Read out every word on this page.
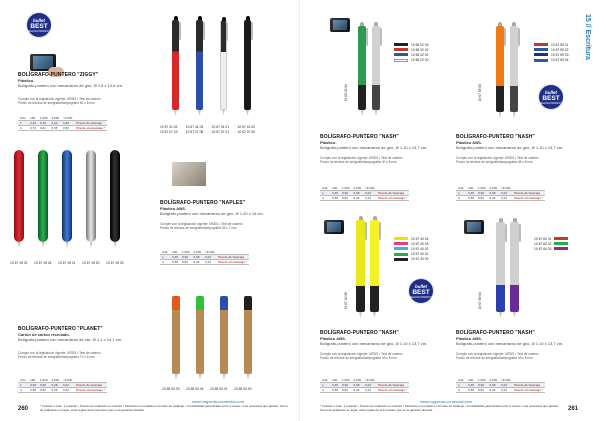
bullet
BEST
SELLING PRODUCT
BOLÍGRAFO-PUNTERO "ZIGGY"
Plástico.
Bolígrafo-puntero con mecanismo de giro, Ø 1,8 x 13,8 cm.
Cumple con la legislación vigente: MSDS • Test de cadmio
Precio de técnica de serigrafía/tampografía 50 x 8 mm
Uds.	150	1.000	2.500	>5.000	
1	0,49	0,43	0,40	0,36	Precio de marcaje
4	0,70	0,61	0,55	0,50	Precio sin marcaje *	10 67 41 02
	10 67 41 03
	10 67 41 01
	10 67 41 00
10 67 07 23
	10 67 07 08
	10 67 07 01
	10 67 07 00
10 67 15 02	10 67 15 04	10 67 15 01	10 67 15 00	10 67 15 03
BOLÍGRAFO-PUNTERO "NAPLES"
Plástico ABS.
Bolígrafo-puntero con mecanismo de giro, Ø 1,40 x 14 cm.
Cumple con la legislación vigente: MSDS • Test de cadmio
Precio de técnica de serigrafía/tampografía 35 x 7 mm
Uds.	150	1.000	2.500	>5.000	
1	0,35	0,30	0,28	0,24	Precio de marcaje
4	0,58	0,53	0,49	0,44	Precio sin marcaje *
BOLÍGRAFO-PUNTERO "PLANET"
Cartón de cartón reciclado.
Bolígrafo-puntero con mecanismo de clic, Ø 1,1 x 14,1 cm.
Cumple con la legislación vigente: MSDS • Test de cadmio
Precio de técnica de serigrafía/tampografía 70 x 6 mm
Uds.	150	1.000	2.500	>5.000	
1	0,35	0,30	0,28	0,24	Precio de marcaje
4	0,58	0,52	0,49	0,42	Precio sin marcaje *	10 65 00 03	10 65 00 04	10 65 00 01	10 65 00 00
www.hugveda-comercial.com
260	* Incluido 1 color, 1 posición • Pueda ser realizado en lote/ubir • Mostrado en portada en formato de catálogo • Confiabilidad garantizada entre 3 meses • Las productos que aplican: forma de grabación en lugar, otras reglas de la impresión que en la garantía ubicada
10 65 02 04
10 65 02 03
10 65 02 02
10 65 02 01
10 65 02 00
BOLÍGRAFO-PUNTERO "NASH"
Plástico.
Bolígrafo-puntero con mecanismo de giro, Ø 1,10 x 13,7 cm.
Cumple con la legislación vigente: MSDS • Test de cadmio
Precio de técnica de serigrafía/tampografía 40 x 8 mm
Uds.	150	1.000	2.500	>5.000	
1	0,35	0,30	0,28	0,24	Precio de marcaje
4	0,58	0,53	0,49	0,44	Precio sin marcaje *
bullet
BEST
SELLING PRODUCT
10 67 59 00
10 67 59 01
10 67 59 02
10 67 59 03
10 67 59 04
BOLÍGRAFO-PUNTERO "NASH"
Plástico ABS.
Bolígrafo-puntero con mecanismo de giro, Ø 1,10 x 13,7 cm.
Cumple con la legislación vigente: MSDS • Test de cadmio
Precio de técnica de serigrafía/tampografía 45 x 8 mm
Uds.	150	1.000	2.500	>5.000	
1	0,35	0,30	0,28	0,24	Precio de marcaje
4	0,58	0,53	0,49	0,44	Precio sin marcaje *
10 67 40 05
10 67 40 04
10 67 40 03
10 67 40 02
10 67 40 01
10 67 40 00
BOLÍGRAFO-PUNTERO "NASH"
Plástico ABS.
Bolígrafo-puntero con mecanismo de giro, Ø 1,10 x 13,7 cm.
Cumple con la legislación vigente: MSDS • Test de cadmio
Precio de técnica de serigrafía/tampografía 45 x 8 mm
Uds.	150	1.000	2.500	>5.000	
1	0,35	0,30	0,28	0,24	Precio de marcaje
4	0,58	0,53	0,49	0,44	Precio sin marcaje *
bullet
BEST
SELLING PRODUCT	10 67 60 04
10 67 60 01
10 67 60 02
10 67 60 03
BOLÍGRAFO-PUNTERO "NASH"
Plástico ABS.
Bolígrafo-puntero con mecanismo de giro, Ø 1,10 x 13,7 cm.
Cumple con la legislación vigente: MSDS • Test de cadmio
Precio de técnica de serigrafía/tampografía 45 x 8 mm
Uds.	150	1.000	2.500	>5.000	
1	0,35	0,30	0,28	0,24	Precio de marcaje
4	0,58	0,53	0,49	0,44	Precio sin marcaje *
www.hugveda-comercial.com
* Incluido 1 color, 1 posición • Pueda ser realizado en lote/ubir • Mostrado en portada en formato de catálogo • Confiabilidad garantizada entre 3 meses • Las productos que aplican: forma de grabación en lugar, otras reglas de la impresión que en la garantía ubicada	261
15 // Escritura
